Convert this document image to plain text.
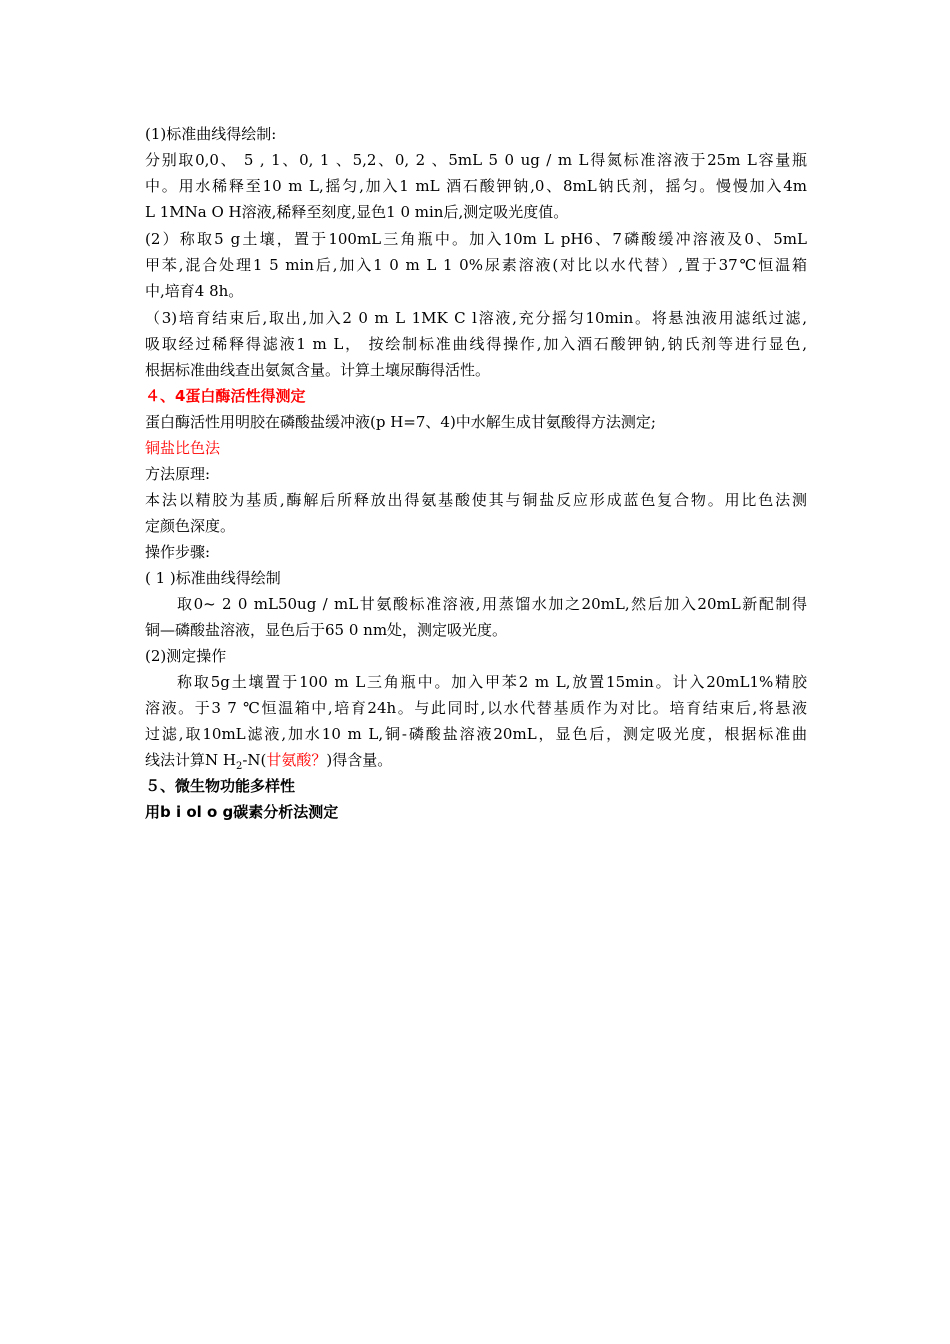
(1)标准曲线得绘制:
分别取0,0、 5 , 1、0, 1 、5,2、0, 2 、5mL 5 0 ug / m L得氮标准溶液于25m L容量瓶
中。用水稀释至10 m L,摇匀,加入1 mL 酒石酸钾钠,0、8mL钠氏剂，摇匀。慢慢加入4m
L 1MNa O H溶液,稀释至刻度,显色1 0 min后,测定吸光度值。
(2）称取5 g土壤，置于100mL三角瓶中。加入10m L pH6、7磷酸缓冲溶液及0、5mL
甲苯,混合处理1 5 min后,加入1 0 m L 1 0%尿素溶液(对比以水代替）,置于37℃恒温箱
中,培育4 8h。
（3)培育结束后,取出,加入2 0 m L 1MK C l溶液,充分摇匀10min。将悬浊液用滤纸过滤,
吸取经过稀释得滤液1 m L， 按绘制标准曲线得操作,加入酒石酸钾钠,钠氏剂等进行显色,
根据标准曲线查出氨氮含量。计算土壤尿酶得活性。
４、4蛋白酶活性得测定
蛋白酶活性用明胶在磷酸盐缓冲液(p H=7、4)中水解生成甘氨酸得方法测定;
铜盐比色法
方法原理:
本法以精胶为基质,酶解后所释放出得氨基酸使其与铜盐反应形成蓝色复合物。用比色法测
定颜色深度。
操作步骤:
( 1 )标准曲线得绘制
取0~ 2 0 mL50ug / mL甘氨酸标准溶液,用蒸馏水加之20mL,然后加入20mL新配制得
铜—磷酸盐溶液，显色后于65 0 nm处，测定吸光度。
(2)测定操作
称取5g土壤置于100 m L三角瓶中。加入甲苯2 m L,放置15min。计入20mL1%精胶
溶液。于3 7 ℃恒温箱中,培育24h。与此同时,以水代替基质作为对比。培育结束后,将悬液
过滤,取10mL滤液,加水10 m L,铜-磷酸盐溶液20mL，显色后，测定吸光度，根据标准曲
线法计算N $H_2-N$(甘氨酸？)得含量。
５、微生物功能多样性
用b i ol o g碳素分析法测定
